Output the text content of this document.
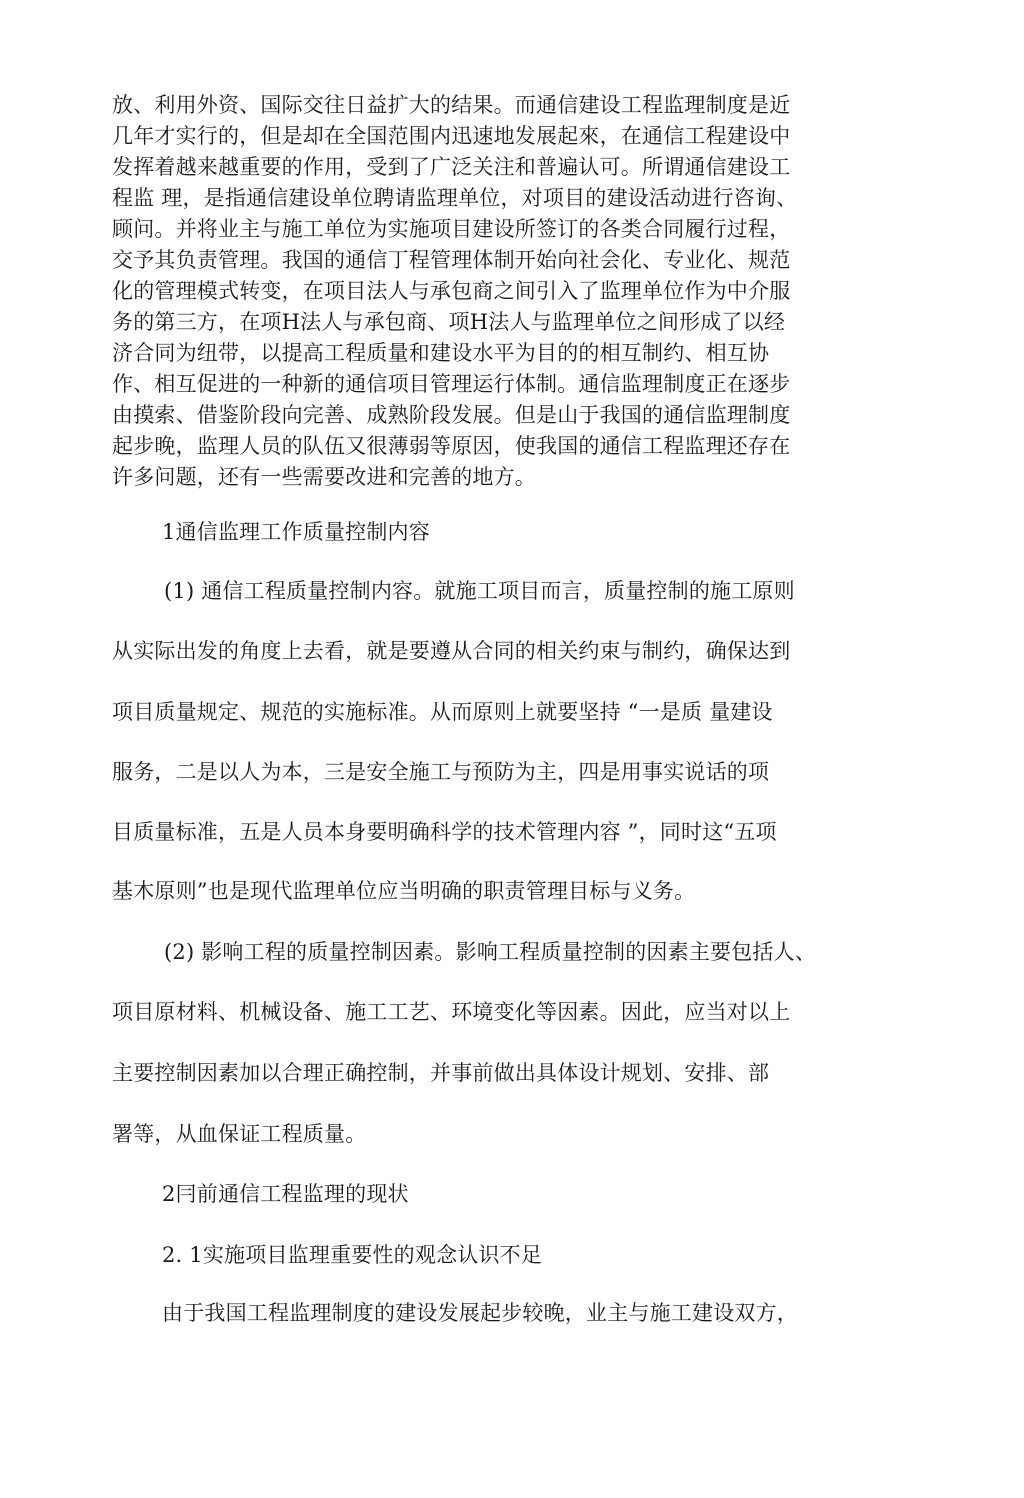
放、利用外资、国际交往日益扩大的结果。而通信建设工程监理制度是近
几年才实行的，但是却在全国范围内迅速地发展起來，在通信工程建设中
发挥着越来越重要的作用，受到了广泛关注和普遍认可。所谓通信建设工
程监 理，是指通信建设单位聘请监理单位，对项目的建设活动进行咨询、
顾问。并将业主与施工单位为实施项目建设所签订的各类合同履行过程，
交予其负责管理。我国的通信丁程管理体制开始向社会化、专业化、规范
化的管理模式转变，在项目法人与承包商之间引入了监理单位作为中介服
务的第三方，在项H法人与承包商、项H法人与监理单位之间形成了以经
济合同为纽带，以提高工程质量和建设水平为目的的相互制约、相互协
作、相互促进的一种新的通信项目管理运行体制。通信监理制度正在逐步
由摸索、借鉴阶段向完善、成熟阶段发展。但是山于我国的通信监理制度
起步晚，监理人员的队伍又很薄弱等原因，使我国的通信工程监理还存在
许多问题，还有一些需要改进和完善的地方。
1通信监理工作质量控制内容
(1) 通信工程质量控制内容。就施工项目而言，质量控制的施工原则
从实际出发的角度上去看，就是要遵从合同的相关约束与制约，确保达到
项目质量规定、规范的实施标准。从而原则上就要坚持 “一是质 量建设
服务，二是以人为本，三是安全施工与预防为主，四是用事实说话的项
目质量标准，五是人员本身要明确科学的技术管理内容 ”，同时这“五项
基木原则”也是现代监理单位应当明确的职责管理目标与义务。
(2) 影响工程的质量控制因素。影响工程质量控制的因素主要包括人、
项目原材料、机械设备、施工工艺、环境变化等因素。因此，应当对以上
主要控制因素加以合理正确控制，并事前做出具体设计规划、安排、部
署等，从血保证工程质量。
2冃前通信工程监理的现状
2. 1实施项目监理重要性的观念认识不足
由于我国工程监理制度的建设发展起步较晚，业主与施工建设双方，
